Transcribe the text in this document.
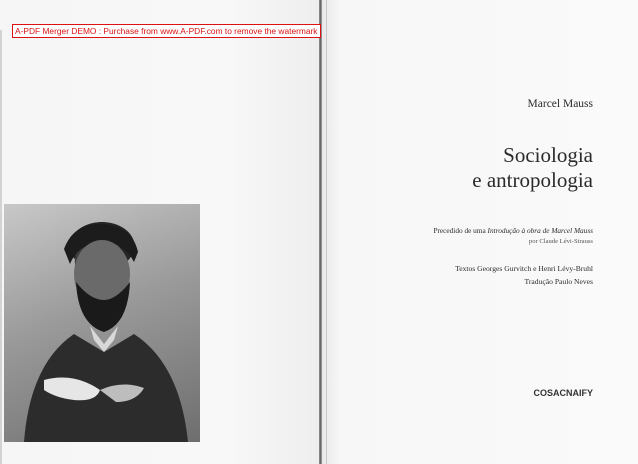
A-PDF Merger DEMO : Purchase from www.A-PDF.com to remove the watermark
Marcel Mauss
Sociologia
e antropologia
Precedido de uma Introdução à obra de Marcel Mauss
por Claude Lévi-Strauss
Textos Georges Gurvitch e Henri Lévy-Bruhl
Tradução Paulo Neves
COSACNAIFY
